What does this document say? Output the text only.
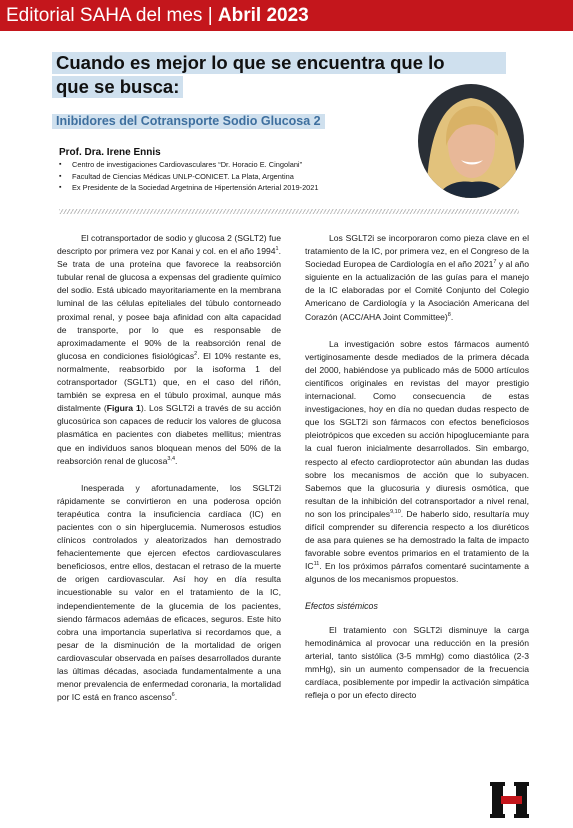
Editorial SAHA del mes | Abril 2023
Cuando es mejor lo que se encuentra que lo
que se busca:
Inibidores del Cotransporte Sodio Glucosa 2
Prof. Dra. Irene Ennis
▪ Centro de investigaciones Cardiovasculares “Dr. Horacio E. Cingolani”
▪ Facultad de Ciencias Médicas UNLP-CONICET. La Plata, Argentina
▪ Ex Presidente de la Sociedad Argetnina de Hipertensión Arterial 2019-2021

El cotransportador de sodio y glucosa 2 (SGLT2) fue descripto por primera vez por Kanai y col. en el año 1994$^1$. Se trata de una proteína que favorece la reabsorción tubular renal de glucosa a expensas del gradiente químico del sodio. Está ubicado mayoritariamente en la membrana luminal de las células epiteliales del túbulo contorneado proximal renal, y posee baja afinidad con alta capacidad de transporte, por lo que es responsable de aproximadamente el 90% de la reabsorción renal de glucosa en condiciones fisiológicas$^2$. El 10% restante es, normalmente, reabsorbido por la isoforma 1 del cotransportador (SGLT1) que, en el caso del riñón, también se expresa en el túbulo proximal, aunque más distalmente (Figura 1). Los SGLT2i a través de su acción glucosúrica son capaces de reducir los valores de glucosa plasmática en pacientes con diabetes mellitus; mientras que en individuos sanos bloquean menos del 50% de la reabsorción renal de glucosa$^{3,4}$.

Inesperada y afortunadamente, los SGLT2i rápidamente se convirtieron en una poderosa opción terapéutica contra la insuficiencia cardíaca (IC) en pacientes con o sin hiperglucemia. Numerosos estudios clínicos controlados y aleatorizados han demostrado fehacientemente que ejercen efectos cardiovasculares beneficiosos, entre ellos, destacan el retraso de la muerte de origen cardiovascular. Así hoy en día resulta incuestionable su valor en el tratamiento de la IC, independientemente de la glucemia de los pacientes, siendo fármacos ademáas de eficaces, seguros. Este hito cobra una importancia superlativa si recordamos que, a pesar de la disminución de la mortalidad de origen cardiovascular observada en países desarrollados durante las últimas décadas, asociada fundamentalmente a una menor prevalencia de enfermedad coronaria, la mortalidad por IC está en franco ascenso$^6$.

Los SGLT2i se incorporaron como pieza clave en el tratamiento de la IC, por primera vez, en el Congreso de la Sociedad Europea de Cardiología en el año 2021$^7$ y al año siguiente en la actualización de las guías para el manejo de la IC elaboradas por el Comité Conjunto del Colegio Americano de Cardiología y la Asociación Americana del Corazón (ACC/AHA Joint Committee)$^8$.

La investigación sobre estos fármacos aumentó vertiginosamente desde mediados de la primera década del 2000, habiéndose ya publicado más de 5000 artículos científicos originales en revistas del mayor prestigio internacional. Como consecuencia de estas investigaciones, hoy en día no quedan dudas respecto de que los SGLT2i son fármacos con efectos beneficiosos pleiotrópicos que exceden su acción hipoglucemiante para la cual fueron inicialmente desarrollados. Sin embargo, respecto al efecto cardioprotector aún abundan las dudas sobre los mecanismos de acción que lo subyacen. Sabemos que la glucosuria y diuresis osmótica, que resultan de la inhibición del cotransportador a nivel renal, no son los principales$^{9,10}$. De haberlo sido, resultaría muy difícil comprender su diferencia respecto a los diuréticos de asa para quienes se ha demostrado la falta de impacto favorable sobre eventos primarios en el tratamiento de la IC$^{11}$. En los próximos párrafos comentaré sucintamente a algunos de los mecanismos propuestos.

Efectos sistémicos

El tratamiento con SGLT2i disminuye la carga hemodinámica al provocar una reducción en la presión arterial, tanto sistólica (3-5 mmHg) como diastólica (2-3 mmHg), sin un aumento compensador de la frecuencia cardíaca, posiblemente por impedir la activación simpática refleja o por un efecto directo
